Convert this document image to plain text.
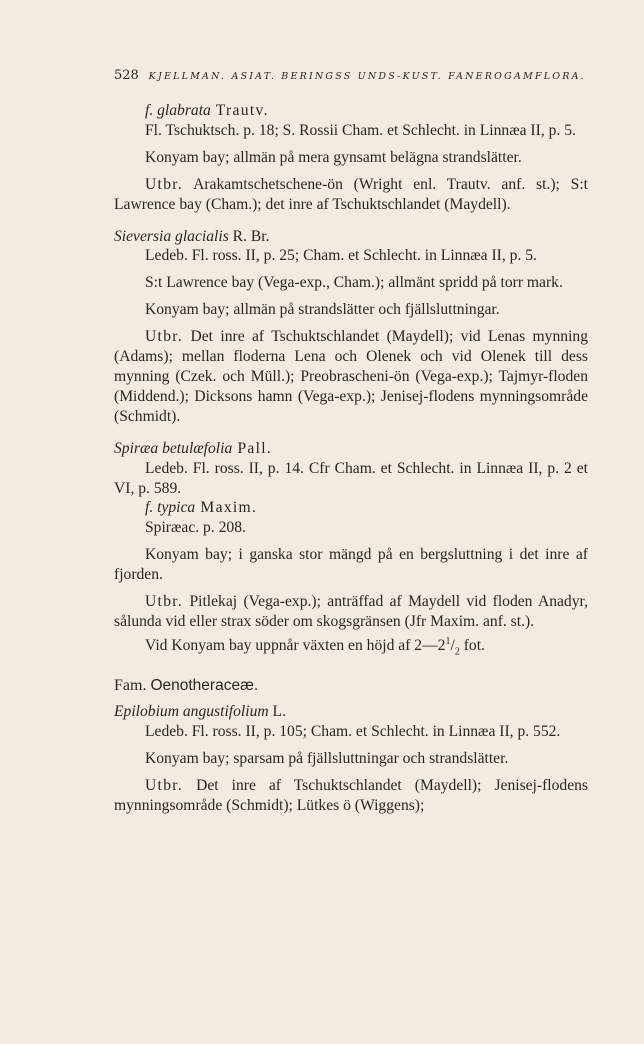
528 KJELLMAN. ASIAT. BERINGSS UNDS-KUST. FANEROGAMFLORA.

f. glabrata Trautv.

Fl. Tschuktsch. p. 18; S. Rossii Cham. et Schlecht. in Linnæa II, p. 5.

Konyam bay; allmän på mera gynsamt belägna strandslätter.

Utbr. Arakamtschetschene-ön (Wright enl. Trautv. anf. st.); S:t Lawrence bay (Cham.); det inre af Tschuktschlandet (Maydell).

Sieversia glacialis R. Br.

Ledeb. Fl. ross. II, p. 25; Cham. et Schlecht. in Linnæa II, p. 5.

S:t Lawrence bay (Vega-exp., Cham.); allmänt spridd på torr mark.

Konyam bay; allmän på strandslätter och fjällsluttningar.

Utbr. Det inre af Tschuktschlandet (Maydell); vid Lenas mynning (Adams); mellan floderna Lena och Olenek och vid Olenek till dess mynning (Czek. och Müll.); Preobrascheni-ön (Vega-exp.); Tajmyr-floden (Middend.); Dicksons hamn (Vega-exp.); Jenisej-flodens mynningsområde (Schmidt).

Spiræa betulæfolia Pall.

Ledeb. Fl. ross. II, p. 14. Cfr Cham. et Schlecht. in Linnæa II, p. 2 et VI, p. 589.

f. typica Maxim.

Spiræac. p. 208.

Konyam bay; i ganska stor mängd på en bergsluttning i det inre af fjorden.

Utbr. Pitlekaj (Vega-exp.); anträffad af Maydell vid floden Anadyr, sålunda vid eller strax söder om skogsgränsen (Jfr Maxim. anf. st.).

Vid Konyam bay uppnår växten en höjd af $2—2^1/_2$ fot.

Fam. Oenotheraceæ.

Epilobium angustifolium L.

Ledeb. Fl. ross. II, p. 105; Cham. et Schlecht. in Linnæa II, p. 552.

Konyam bay; sparsam på fjällsluttningar och strandslätter.

Utbr. Det inre af Tschuktschlandet (Maydell); Jenisej-flodens mynningsområde (Schmidt); Lütkes ö (Wiggens);
